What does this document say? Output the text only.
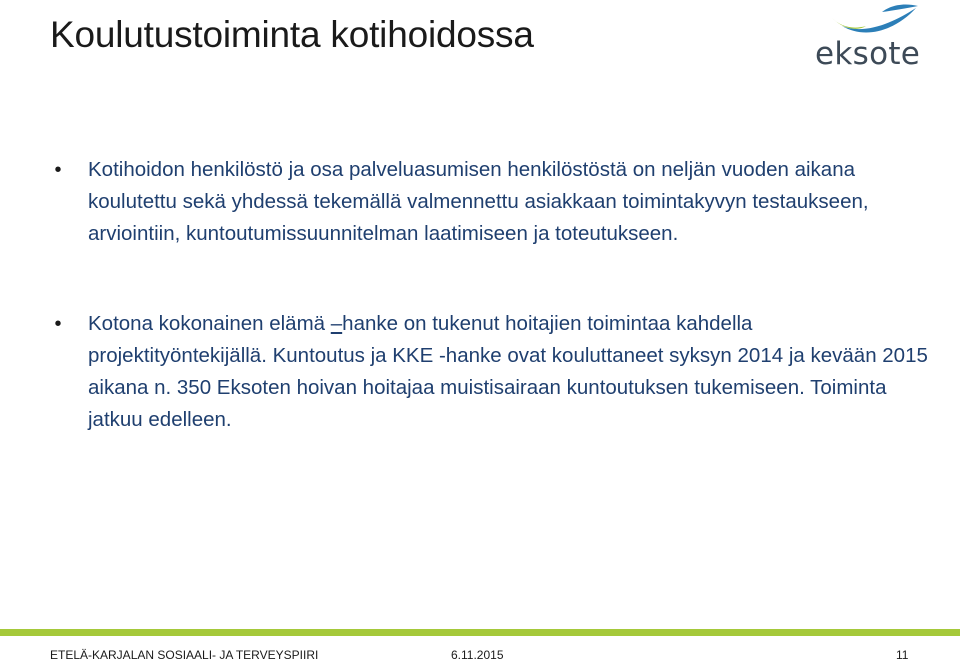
Koulutustoiminta kotihoidossa	eksote
• Kotihoidon henkilöstö ja osa palveluasumisen henkilöstöstä on neljän vuoden aikana koulutettu sekä yhdessä tekemällä valmennettu asiakkaan toimintakyvyn testaukseen, arviointiin, kuntoutumissuunnitelman laatimiseen ja toteutukseen.
• Kotona kokonainen elämä –hanke on tukenut hoitajien toimintaa kahdella projektityöntekijällä. Kuntoutus ja KKE -hanke ovat kouluttaneet syksyn 2014 ja kevään 2015 aikana n. 350 Eksoten hoivan hoitajaa muistisairaan kuntoutuksen tukemiseen. Toiminta jatkuu edelleen.
ETELÄ-KARJALAN SOSIAALI- JA TERVEYSPIIRI	6.11.2015	11
